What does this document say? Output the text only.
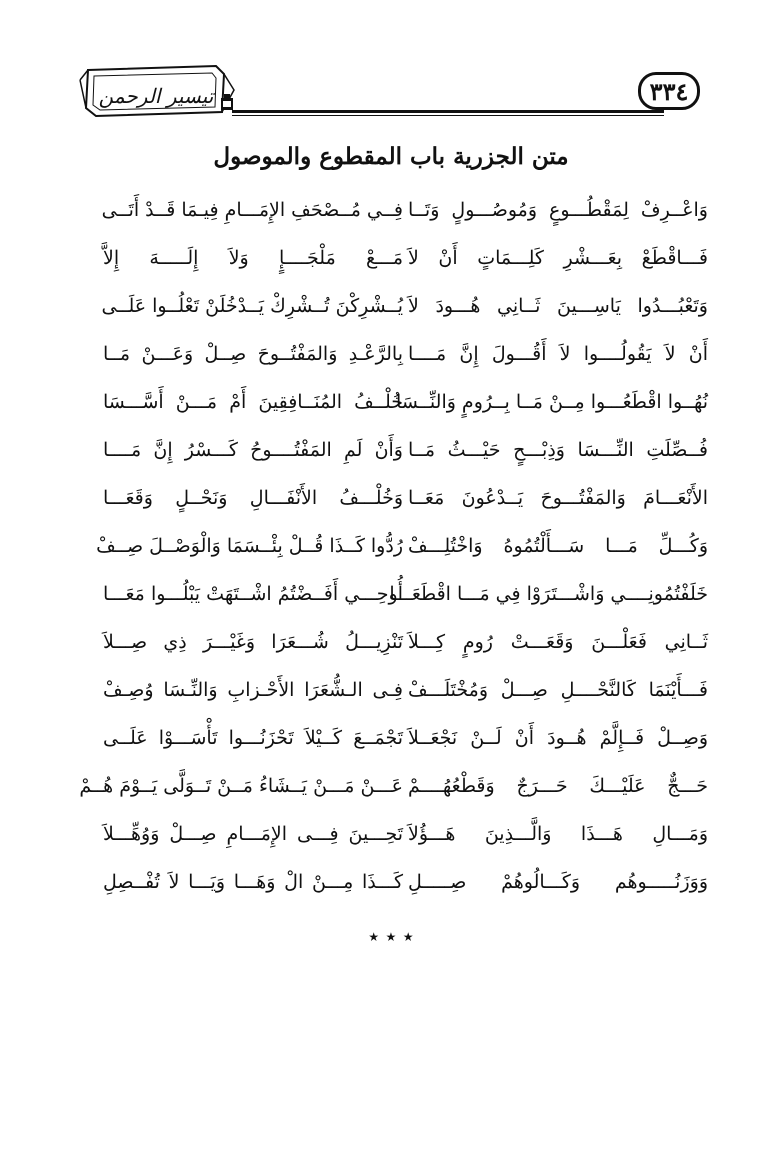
تيسير الرحمن	٣٣٤
متن الجزرية باب المقطوع والموصول
وَاعْــرِفْ لِمَقْطُـــوعٍ وَمُوصُـــولٍ وَتَــا
فِــي مُــصْحَفِ الإِمَـــامِ فِيـمَا قَــدْ أَتَــى
فَـــاقْطَعْ بِعَـــشْرِ كَلِـــمَاتٍ أَنْ لاَ
مَـــعْ مَلْجَــــإٍ وَلاَ إِلَـــــهَ إِلاَّ
وَتَعْبُـــدُوا يَاسِـــينَ ثَــانِي هُـــودَ لاَ
يُــشْرِكْنَ تُــشْرِكْ يَــدْخُلَنْ تَعْلُــوا عَلَــى
أَنْ لاَ يَقُولُــــوا لاَ أَقُـــولَ إِنَّ مَــــا
بِالرَّعْـدِ وَالمَفْتُــوحَ صِــلْ وَعَـــنْ مَــا
نُهُــوا اقْطَعُـــوا مِــنْ مَــا بِــرُومٍ وَالنِّــسَا
خُلْــفُ المُنَــافِقِينَ أَمْ مَـــنْ أَسَّـــسَا
فُــصِّلَتِ النِّـــسَا وَذِبْـــحٍ حَيْـــثُ مَــا
وَأَنْ لَمِ المَفْتُــــوحُ كَـــسْرُ إِنَّ مَــــا
الأَنْعَـــامَ وَالمَفْتُـــوحَ يَــدْعُونَ مَعَــا
وَخُلْـــفُ الأَنْفَـــالِ وَنَحْــلٍ وَقَعَـــا
وَكُـــلِّ مَـــا سَـــأَلْتُمُوهُ وَاخْتُلِـــفْ
رُدُّوا كَــذَا قُــلْ بِئْــسَمَا وَالْوَصْــلَ صِــفْ
خَلَفْتُمُونِــــي وَاشْـــتَرَوْا فِي مَـــا اقْطَعَـــا
أُوحِـــي أَفَــضْتُمُ اشْــتَهَتْ يَبْلُـــوا مَعَـــا
ثَــانِي فَعَلْـــنَ وَقَعَـــتْ رُومٍ كِـــلاَ
تَنْزِيـــلُ شُـــعَرَا وَغَيْـــرَ ذِي صِـــلاَ
فَـــأَيْنَمَا كَالنَّحْــــلِ صِـــلْ وَمُخْتَلَـــفْ
فِـى الـشُّعَرَا الأَحْـزابِ وَالنِّـسَا وُصِـفْ
وَصِــلْ فَــإِلَّمْ هُــودَ أَنْ لَــنْ نَجْعَــلاَ
تَجْمَــعَ كَــيْلاَ تَحْزَنُـــوا تَأْسَـــوْا عَلَــى
حَـــجٌّ عَلَيْـــكَ حَـــرَجٌ وَقَطْعُهُــــمْ
عَـــنْ مَـــنْ يَــشَاءُ مَــنْ تَــوَلَّى يَــوْمَ هُــمْ
وَمَـــالِ هَـــذَا وَالَّـــذِينَ هَـــؤُلاَ
تَحِـــينَ فِـــى الإِمَـــامِ صِـــلْ وَوُهِّـــلاَ
وَوَزَنُـــــوهُم وَكَـــالُوهُمْ صِـــــلِ
كَـــذَا مِـــنْ الْ وَهَـــا وَيَـــا لاَ تُفْــصِلِ
٭ ٭ ٭
